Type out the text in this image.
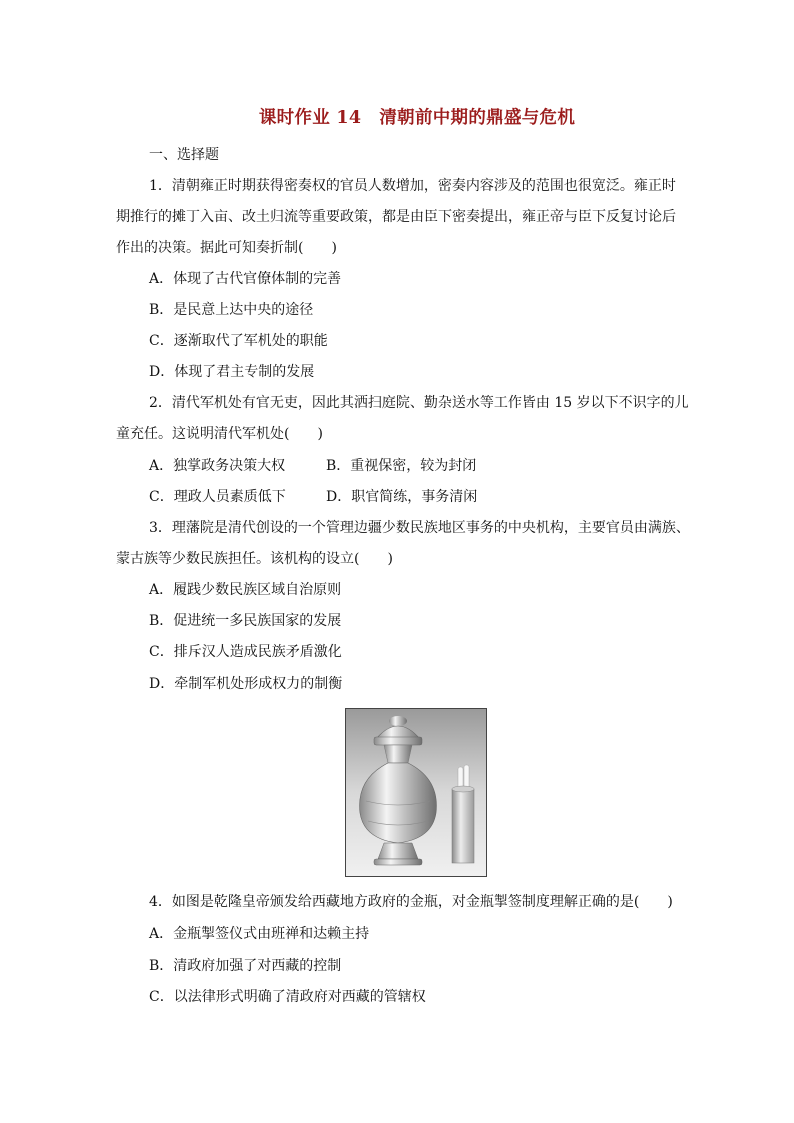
课时作业 14 清朝前中期的鼎盛与危机
一、选择题
1．清朝雍正时期获得密奏权的官员人数增加，密奏内容涉及的范围也很宽泛。雍正时
期推行的摊丁入亩、改土归流等重要政策，都是由臣下密奏提出，雍正帝与臣下反复讨论后
作出的决策。据此可知奏折制(　　)
A．体现了古代官僚体制的完善
B．是民意上达中央的途径
C．逐渐取代了军机处的职能
D．体现了君主专制的发展
2．清代军机处有官无吏，因此其洒扫庭院、勤杂送水等工作皆由 15 岁以下不识字的儿
童充任。这说明清代军机处(　　)
A．独掌政务决策大权	B．重视保密，较为封闭
C．理政人员素质低下	D．职官简练，事务清闲
3．理藩院是清代创设的一个管理边疆少数民族地区事务的中央机构，主要官员由满族、
蒙古族等少数民族担任。该机构的设立(　　)
A．履践少数民族区域自治原则
B．促进统一多民族国家的发展
C．排斥汉人造成民族矛盾激化
D．牵制军机处形成权力的制衡
4．如图是乾隆皇帝颁发给西藏地方政府的金瓶，对金瓶掣签制度理解正确的是(　　)
A．金瓶掣签仪式由班禅和达赖主持
B．清政府加强了对西藏的控制
C．以法律形式明确了清政府对西藏的管辖权
